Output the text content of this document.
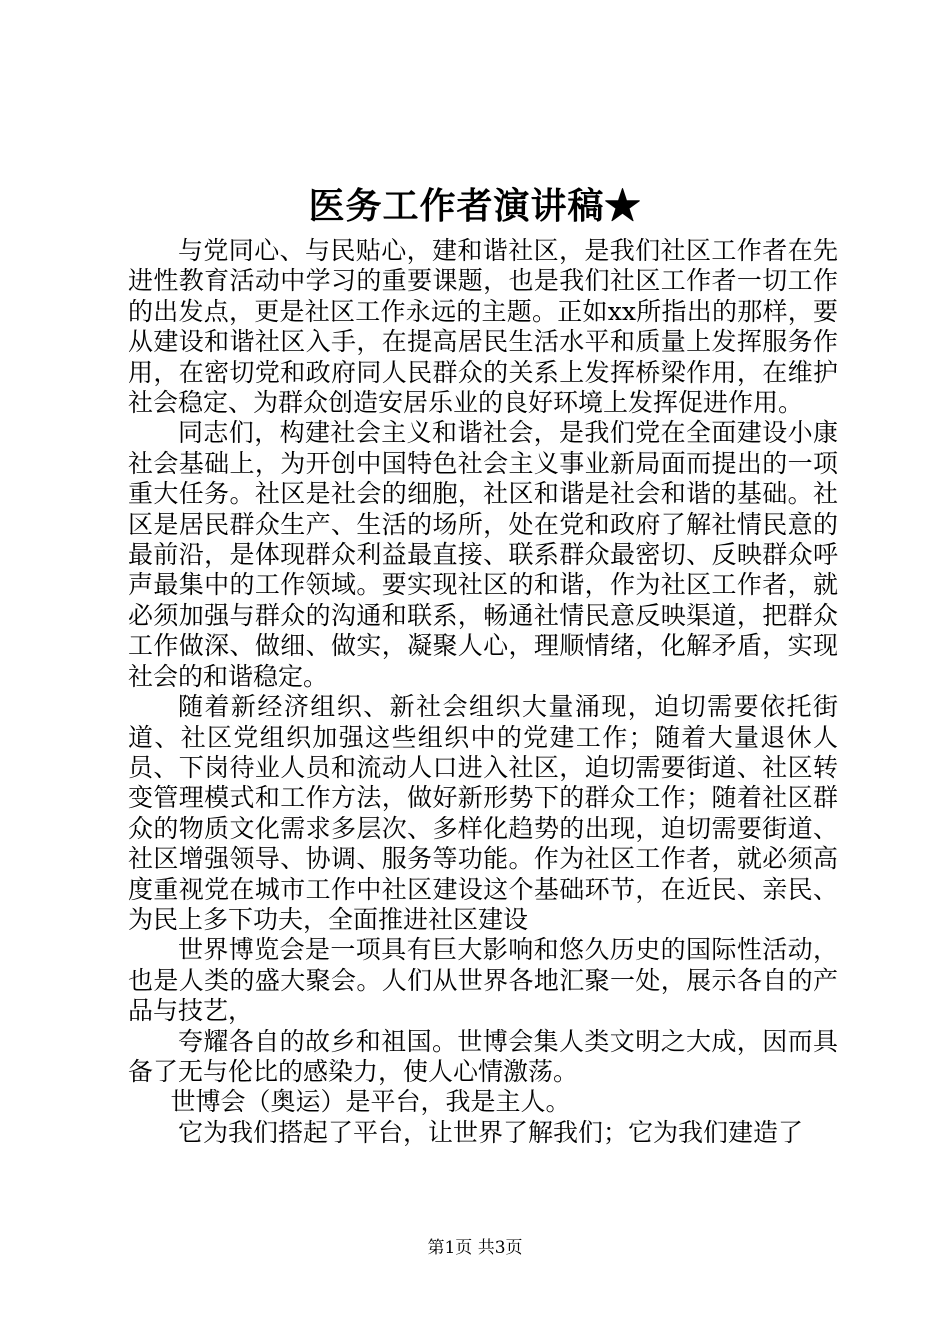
医务工作者演讲稿★

与党同心、与民贴心，建和谐社区，是我们社区工作者在先进性教育活动中学习的重要课题，也是我们社区工作者一切工作的出发点，更是社区工作永远的主题。正如xx所指出的那样，要从建设和谐社区入手，在提高居民生活水平和质量上发挥服务作用，在密切党和政府同人民群众的关系上发挥桥梁作用，在维护社会稳定、为群众创造安居乐业的良好环境上发挥促进作用。

同志们，构建社会主义和谐社会，是我们党在全面建设小康社会基础上，为开创中国特色社会主义事业新局面而提出的一项重大任务。社区是社会的细胞，社区和谐是社会和谐的基础。社区是居民群众生产、生活的场所，处在党和政府了解社情民意的最前沿，是体现群众利益最直接、联系群众最密切、反映群众呼声最集中的工作领域。要实现社区的和谐，作为社区工作者，就必须加强与群众的沟通和联系，畅通社情民意反映渠道，把群众工作做深、做细、做实，凝聚人心，理顺情绪，化解矛盾，实现社会的和谐稳定。

随着新经济组织、新社会组织大量涌现，迫切需要依托街道、社区党组织加强这些组织中的党建工作；随着大量退休人员、下岗待业人员和流动人口进入社区，迫切需要街道、社区转变管理模式和工作方法，做好新形势下的群众工作；随着社区群众的物质文化需求多层次、多样化趋势的出现，迫切需要街道、社区增强领导、协调、服务等功能。作为社区工作者，就必须高度重视党在城市工作中社区建设这个基础环节，在近民、亲民、为民上多下功夫，全面推进社区建设

世界博览会是一项具有巨大影响和悠久历史的国际性活动，也是人类的盛大聚会。人们从世界各地汇聚一处，展示各自的产品与技艺，

夸耀各自的故乡和祖国。世博会集人类文明之大成，因而具备了无与伦比的感染力，使人心情激荡。

世博会（奥运）是平台，我是主人。

它为我们搭起了平台，让世界了解我们；它为我们建造了

第1页 共3页
